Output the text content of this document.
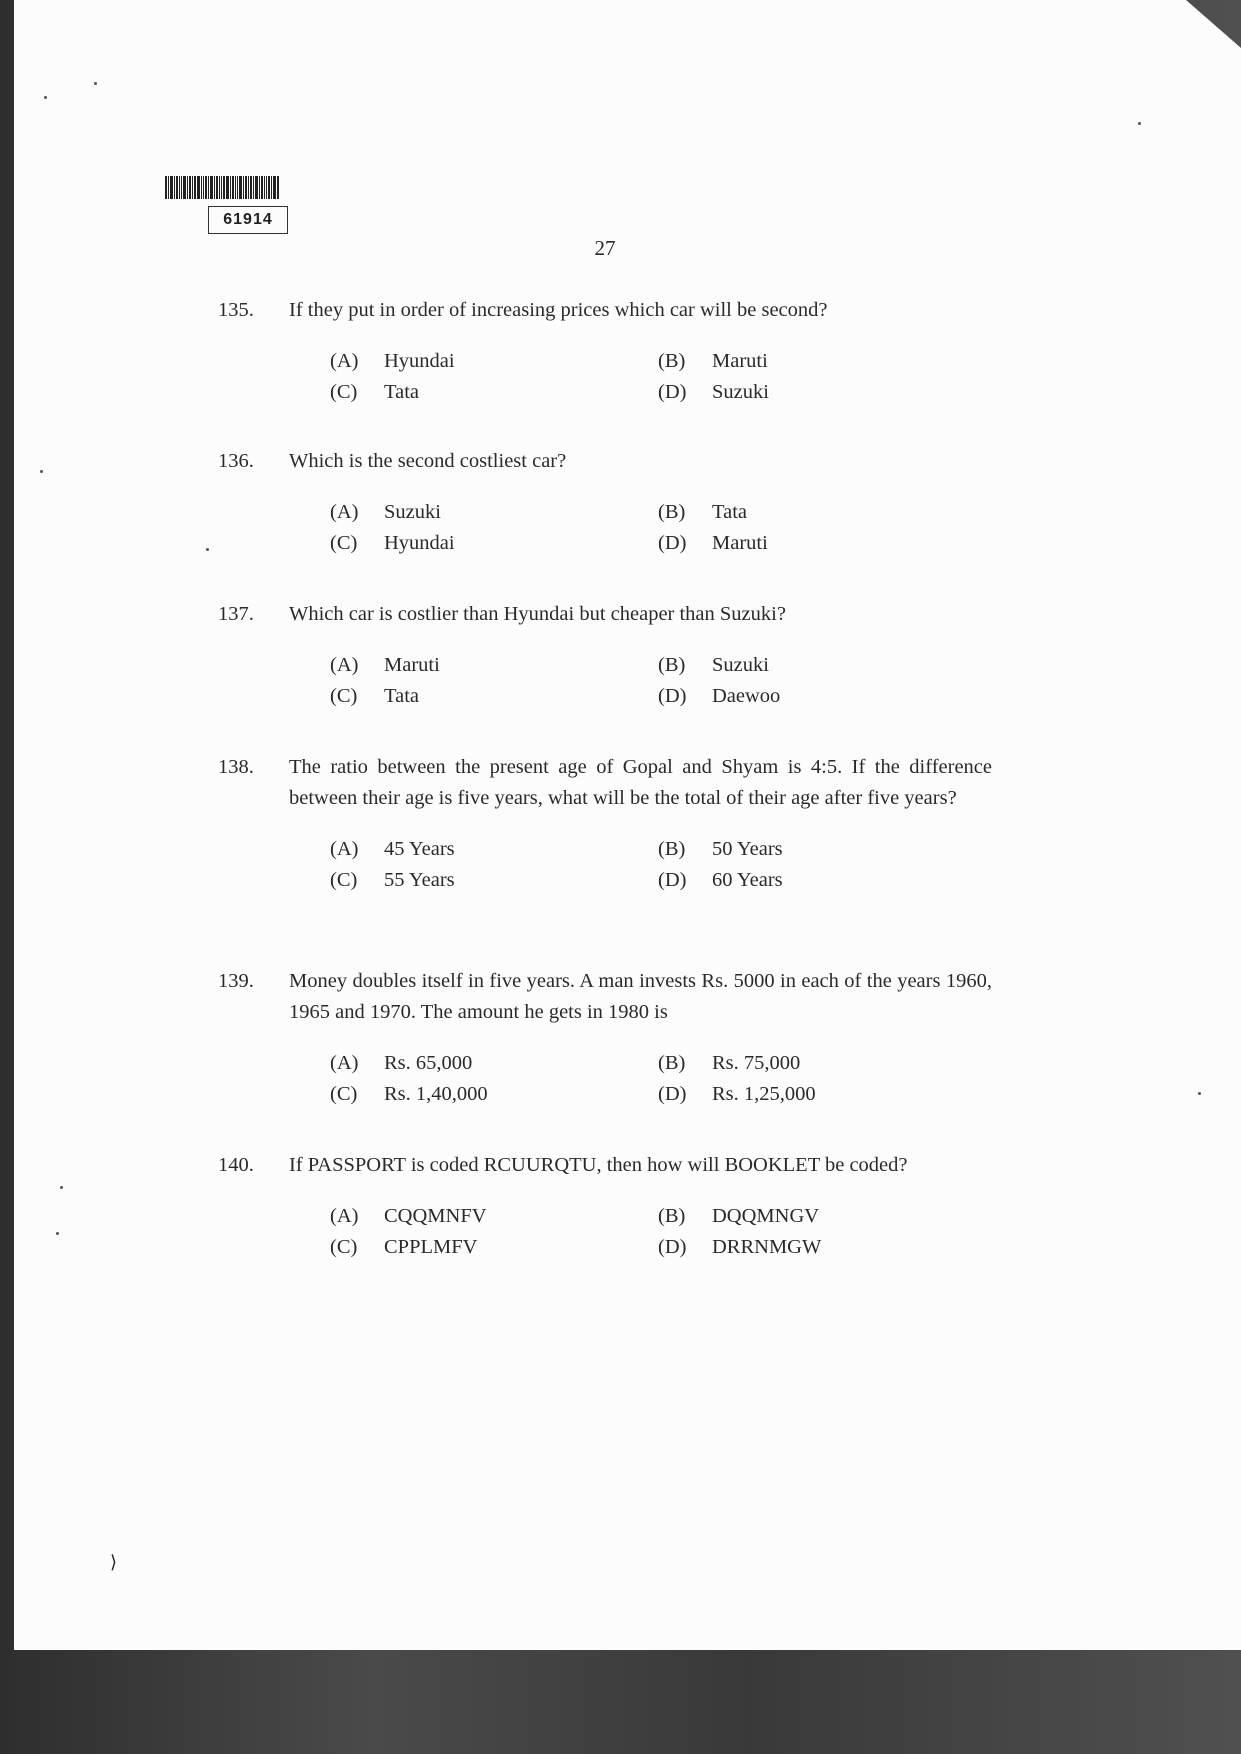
61914
27
135.	If they put in order of increasing prices which car will be second?
(A)	Hyundai	(B)	Maruti
(C)	Tata	(D)	Suzuki
136.	Which is the second costliest car?
(A)	Suzuki	(B)	Tata
(C)	Hyundai	(D)	Maruti
137.	Which car is costlier than Hyundai but cheaper than Suzuki?
(A)	Maruti	(B)	Suzuki
(C)	Tata	(D)	Daewoo
138.	The ratio between the present age of Gopal and Shyam is 4:5. If the difference between their age is five years, what will be the total of their age after five years?
(A)	45 Years	(B)	50 Years
(C)	55 Years	(D)	60 Years
139.	Money doubles itself in five years. A man invests Rs. 5000 in each of the years 1960, 1965 and 1970. The amount he gets in 1980 is
(A)	Rs. 65,000	(B)	Rs. 75,000
(C)	Rs. 1,40,000	(D)	Rs. 1,25,000
140.	If PASSPORT is coded RCUURQTU, then how will BOOKLET be coded?
(A)	CQQMNFV	(B)	DQQMNGV
(C)	CPPLMFV	(D)	DRRNMGW
⟩
